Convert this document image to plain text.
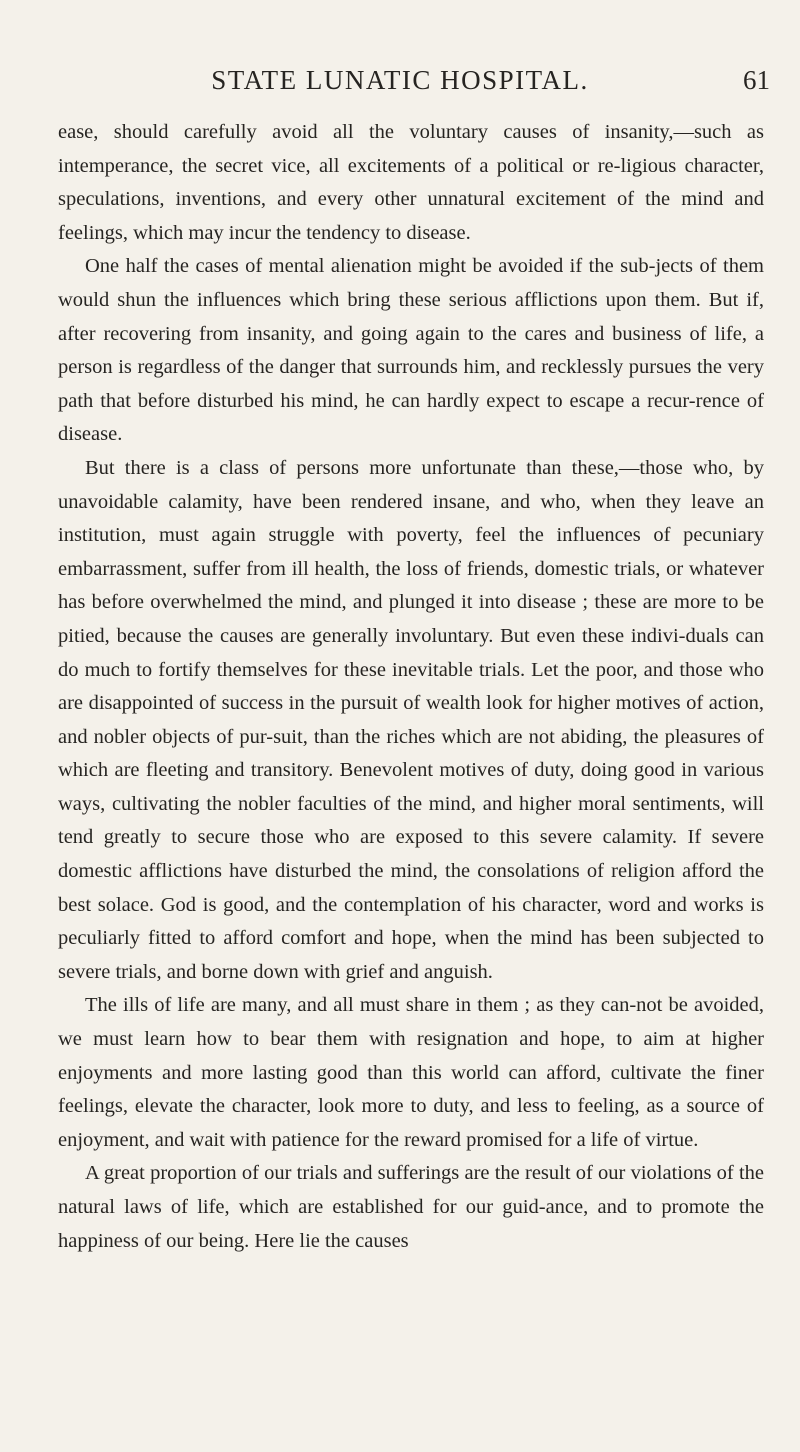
STATE LUNATIC HOSPITAL.	61

ease, should carefully avoid all the voluntary causes of insanity,—such as intemperance, the secret vice, all excitements of a political or re-ligious character, speculations, inventions, and every other unnatural excitement of the mind and feelings, which may incur the tendency to disease.

One half the cases of mental alienation might be avoided if the sub-jects of them would shun the influences which bring these serious afflictions upon them. But if, after recovering from insanity, and going again to the cares and business of life, a person is regardless of the danger that surrounds him, and recklessly pursues the very path that before disturbed his mind, he can hardly expect to escape a recur-rence of disease.

But there is a class of persons more unfortunate than these,—those who, by unavoidable calamity, have been rendered insane, and who, when they leave an institution, must again struggle with poverty, feel the influences of pecuniary embarrassment, suffer from ill health, the loss of friends, domestic trials, or whatever has before overwhelmed the mind, and plunged it into disease ; these are more to be pitied, because the causes are generally involuntary. But even these indivi-duals can do much to fortify themselves for these inevitable trials. Let the poor, and those who are disappointed of success in the pursuit of wealth look for higher motives of action, and nobler objects of pur-suit, than the riches which are not abiding, the pleasures of which are fleeting and transitory. Benevolent motives of duty, doing good in various ways, cultivating the nobler faculties of the mind, and higher moral sentiments, will tend greatly to secure those who are exposed to this severe calamity. If severe domestic afflictions have disturbed the mind, the consolations of religion afford the best solace. God is good, and the contemplation of his character, word and works is peculiarly fitted to afford comfort and hope, when the mind has been subjected to severe trials, and borne down with grief and anguish.

The ills of life are many, and all must share in them ; as they can-not be avoided, we must learn how to bear them with resignation and hope, to aim at higher enjoyments and more lasting good than this world can afford, cultivate the finer feelings, elevate the character, look more to duty, and less to feeling, as a source of enjoyment, and wait with patience for the reward promised for a life of virtue.

A great proportion of our trials and sufferings are the result of our violations of the natural laws of life, which are established for our guid-ance, and to promote the happiness of our being. Here lie the causes
